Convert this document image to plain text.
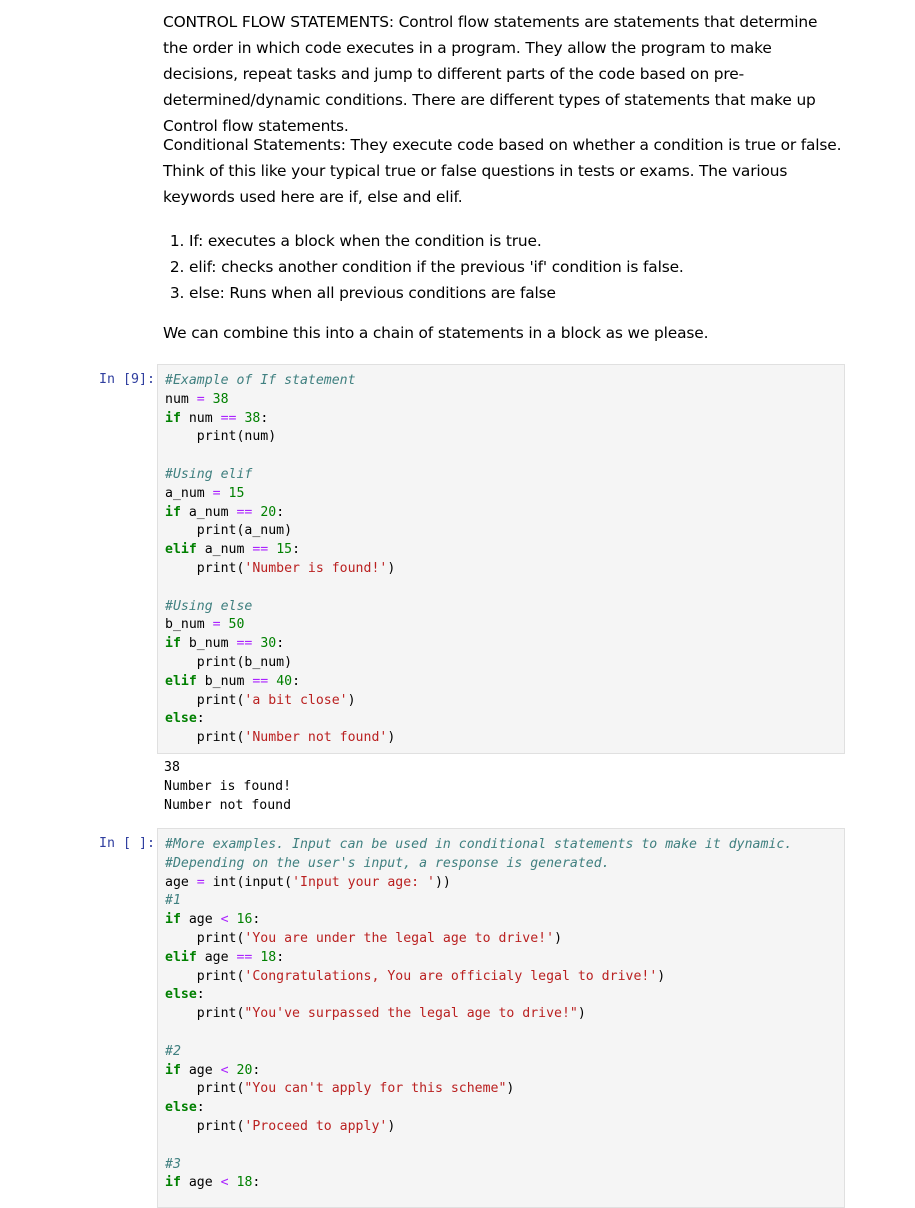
CONTROL FLOW STATEMENTS: Control flow statements are statements that determine the order in which code executes in a program. They allow the program to make decisions, repeat tasks and jump to different parts of the code based on pre-determined/dynamic conditions. There are different types of statements that make up Control flow statements.

Conditional Statements: They execute code based on whether a condition is true or false. Think of this like your typical true or false questions in tests or exams. The various keywords used here are if, else and elif.

1. If: executes a block when the condition is true.
2. elif: checks another condition if the previous 'if' condition is false.
3. else: Runs when all previous conditions are false

We can combine this into a chain of statements in a block as we please.

In [9]: #Example of If statement
num = 38
if num == 38:
print(num)

#Using elif
a_num = 15
if a_num == 20:
print(a_num)
elif a_num == 15:
print('Number is found!')

#Using else
b_num = 50
if b_num == 30:
print(b_num)
elif b_num == 40:
print('a bit close')
else:
print('Number not found')
38
Number is found!
Number not found
In [ ]: #More examples. Input can be used in conditional statements to make it dynamic.
#Depending on the user's input, a response is generated.
age = int(input('Input your age: '))
#1
if age < 16:
print('You are under the legal age to drive!')
elif age == 18:
print('Congratulations, You are officialy legal to drive!')
else:
print("You've surpassed the legal age to drive!")

#2
if age < 20:
print("You can't apply for this scheme")
else:
print('Proceed to apply')

#3
if age < 18:
